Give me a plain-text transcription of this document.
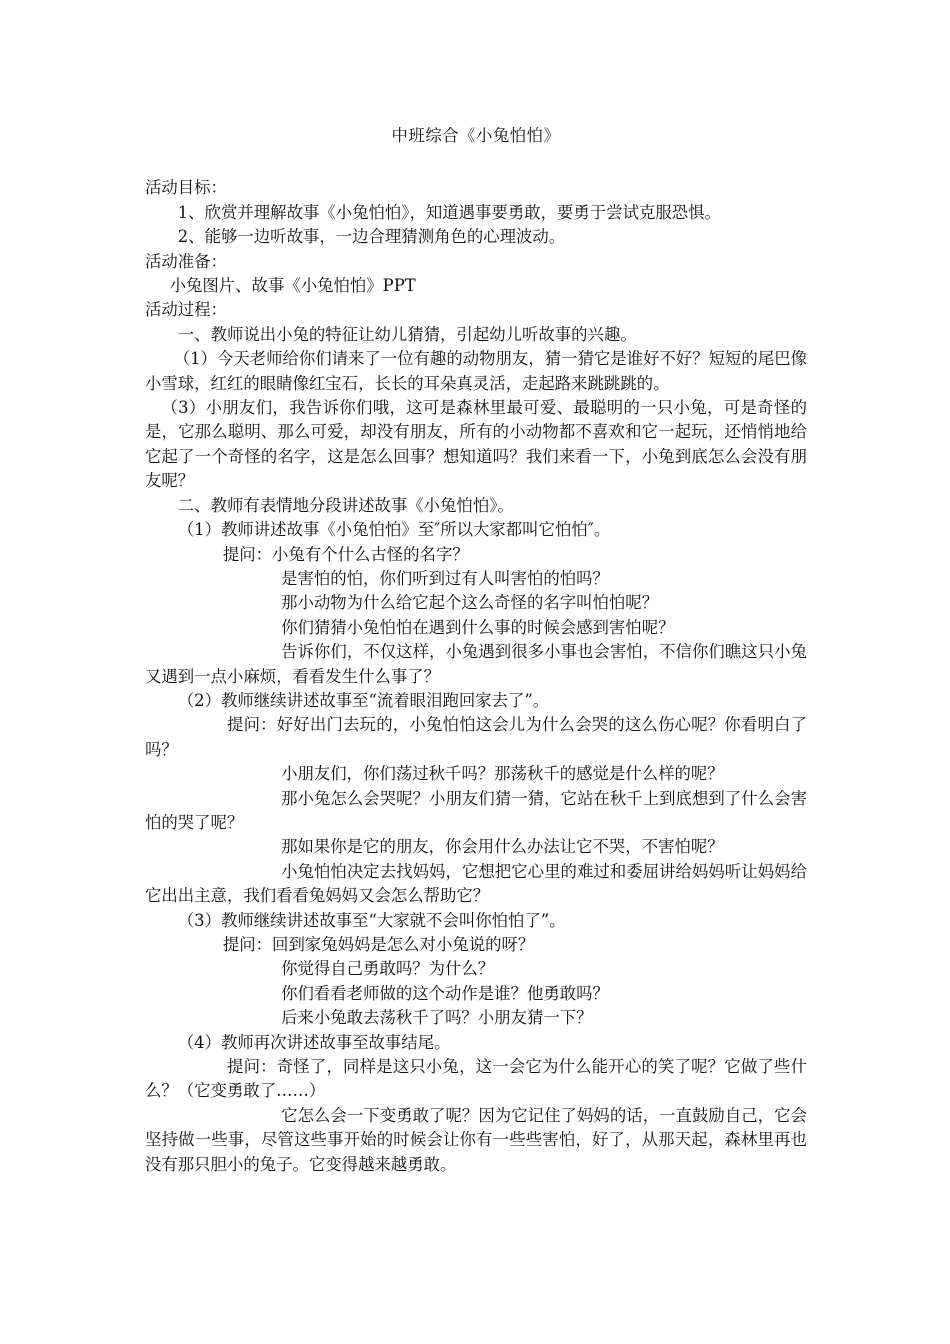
中班综合《小兔怕怕》

活动目标：

1、欣赏并理解故事《小兔怕怕》，知道遇事要勇敢，要勇于尝试克服恐惧。

2、能够一边听故事，一边合理猜测角色的心理波动。

活动准备：

小兔图片、故事《小兔怕怕》PPT

活动过程：

一、教师说出小兔的特征让幼儿猜猜，引起幼儿听故事的兴趣。

（1）今天老师给你们请来了一位有趣的动物朋友，猜一猜它是谁好不好？短短的尾巴像小雪球，红红的眼睛像红宝石，长长的耳朵真灵活，走起路来跳跳跳的。

（3）小朋友们，我告诉你们哦，这可是森林里最可爱、最聪明的一只小兔，可是奇怪的是，它那么聪明、那么可爱，却没有朋友，所有的小动物都不喜欢和它一起玩，还悄悄地给它起了一个奇怪的名字，这是怎么回事？想知道吗？我们来看一下，小兔到底怎么会没有朋友呢？

二、教师有表情地分段讲述故事《小兔怕怕》。

（1）教师讲述故事《小兔怕怕》至″所以大家都叫它怕怕″。

提问：小兔有个什么古怪的名字？

是害怕的怕，你们听到过有人叫害怕的怕吗？

那小动物为什么给它起个这么奇怪的名字叫怕怕呢？

你们猜猜小兔怕怕在遇到什么事的时候会感到害怕呢？

告诉你们，不仅这样，小兔遇到很多小事也会害怕，不信你们瞧这只小兔又遇到一点小麻烦，看看发生什么事了？

（2）教师继续讲述故事至“流着眼泪跑回家去了”。

提问：好好出门去玩的，小兔怕怕这会儿为什么会哭的这么伤心呢？你看明白了吗？

小朋友们，你们荡过秋千吗？那荡秋千的感觉是什么样的呢？

那小兔怎么会哭呢？小朋友们猜一猜，它站在秋千上到底想到了什么会害怕的哭了呢？

那如果你是它的朋友，你会用什么办法让它不哭，不害怕呢？

小兔怕怕决定去找妈妈，它想把它心里的难过和委屈讲给妈妈听让妈妈给它出出主意，我们看看兔妈妈又会怎么帮助它？

（3）教师继续讲述故事至“大家就不会叫你怕怕了”。

提问：回到家兔妈妈是怎么对小兔说的呀？

你觉得自己勇敢吗？为什么？

你们看看老师做的这个动作是谁？他勇敢吗？

后来小兔敢去荡秋千了吗？小朋友猜一下？

（4）教师再次讲述故事至故事结尾。

提问：奇怪了，同样是这只小兔，这一会它为什么能开心的笑了呢？它做了些什么？（它变勇敢了……）

它怎么会一下变勇敢了呢？因为它记住了妈妈的话，一直鼓励自己，它会坚持做一些事，尽管这些事开始的时候会让你有一些些害怕，好了，从那天起，森林里再也没有那只胆小的兔子。它变得越来越勇敢。
